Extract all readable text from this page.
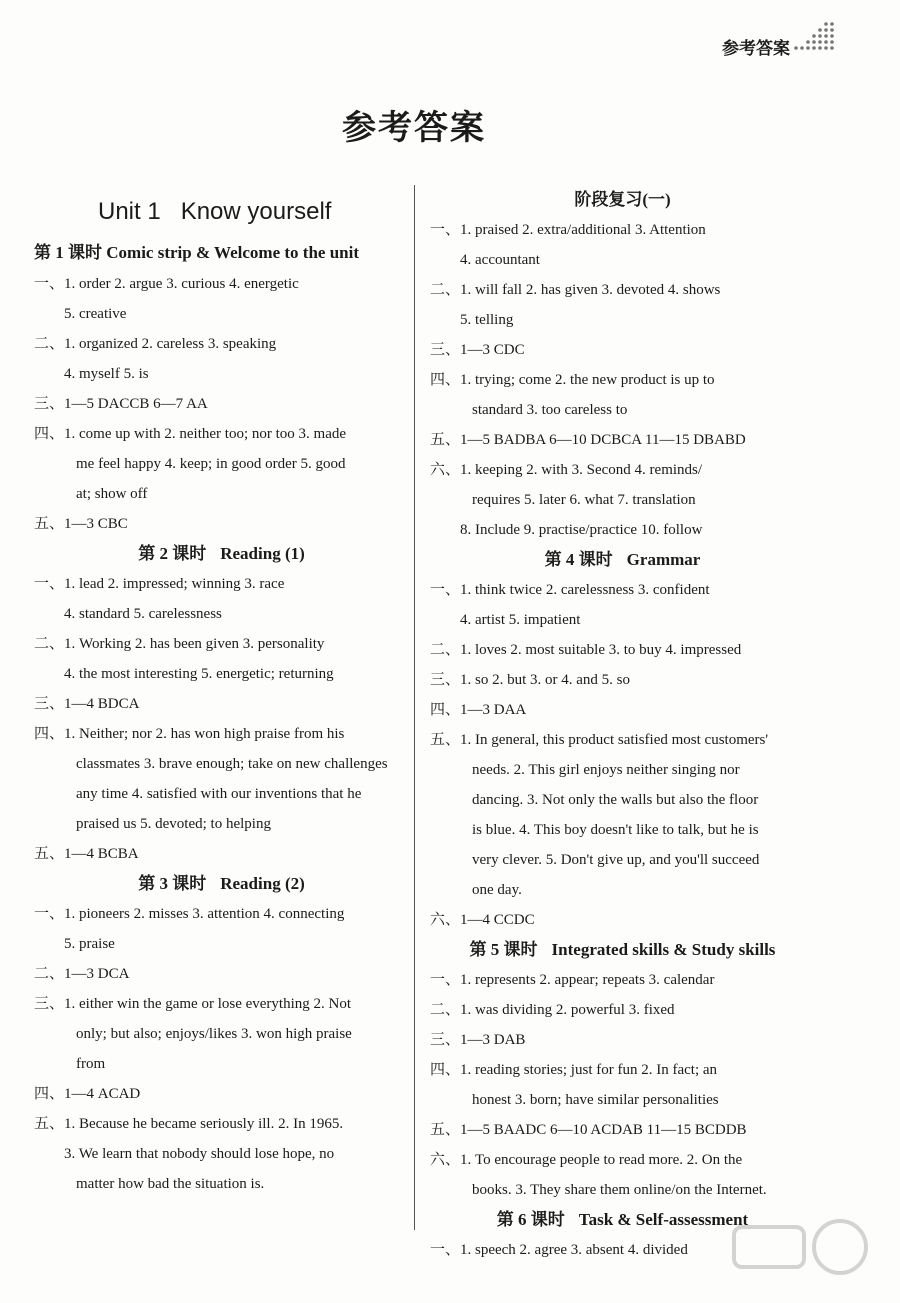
参考答案
参考答案
Unit 1 Know yourself
第 1 课时 Comic strip & Welcome to the unit
一、1. order 2. argue 3. curious 4. energetic
5. creative
二、1. organized 2. careless 3. speaking
4. myself 5. is
三、1—5 DACCB 6—7 AA
四、1. come up with 2. neither too; nor too 3. made
me feel happy 4. keep; in good order 5. good
at; show off
五、1—3 CBC
第 2 课时 Reading (1)
一、1. lead 2. impressed; winning 3. race
4. standard 5. carelessness
二、1. Working 2. has been given 3. personality
4. the most interesting 5. energetic; returning
三、1—4 BDCA
四、1. Neither; nor 2. has won high praise from his
classmates 3. brave enough; take on new challenges
any time 4. satisfied with our inventions that he
praised us 5. devoted; to helping
五、1—4 BCBA
第 3 课时 Reading (2)
一、1. pioneers 2. misses 3. attention 4. connecting
5. praise
二、1—3 DCA
三、1. either win the game or lose everything 2. Not
only; but also; enjoys/likes 3. won high praise
from
四、1—4 ACAD
五、1. Because he became seriously ill. 2. In 1965.
3. We learn that nobody should lose hope, no
matter how bad the situation is.
阶段复习(一)
一、1. praised 2. extra/additional 3. Attention
4. accountant
二、1. will fall 2. has given 3. devoted 4. shows
5. telling
三、1—3 CDC
四、1. trying; come 2. the new product is up to
standard 3. too careless to
五、1—5 BADBA 6—10 DCBCA 11—15 DBABD
六、1. keeping 2. with 3. Second 4. reminds/
requires 5. later 6. what 7. translation
8. Include 9. practise/practice 10. follow
第 4 课时 Grammar
一、1. think twice 2. carelessness 3. confident
4. artist 5. impatient
二、1. loves 2. most suitable 3. to buy 4. impressed
三、1. so 2. but 3. or 4. and 5. so
四、1—3 DAA
五、1. In general, this product satisfied most customers'
needs. 2. This girl enjoys neither singing nor
dancing. 3. Not only the walls but also the floor
is blue. 4. This boy doesn't like to talk, but he is
very clever. 5. Don't give up, and you'll succeed
one day.
六、1—4 CCDC
第 5 课时 Integrated skills & Study skills
一、1. represents 2. appear; repeats 3. calendar
二、1. was dividing 2. powerful 3. fixed
三、1—3 DAB
四、1. reading stories; just for fun 2. In fact; an
honest 3. born; have similar personalities
五、1—5 BAADC 6—10 ACDAB 11—15 BCDDB
六、1. To encourage people to read more. 2. On the
books. 3. They share them online/on the Internet.
第 6 课时 Task & Self-assessment
一、1. speech 2. agree 3. absent 4. divided
